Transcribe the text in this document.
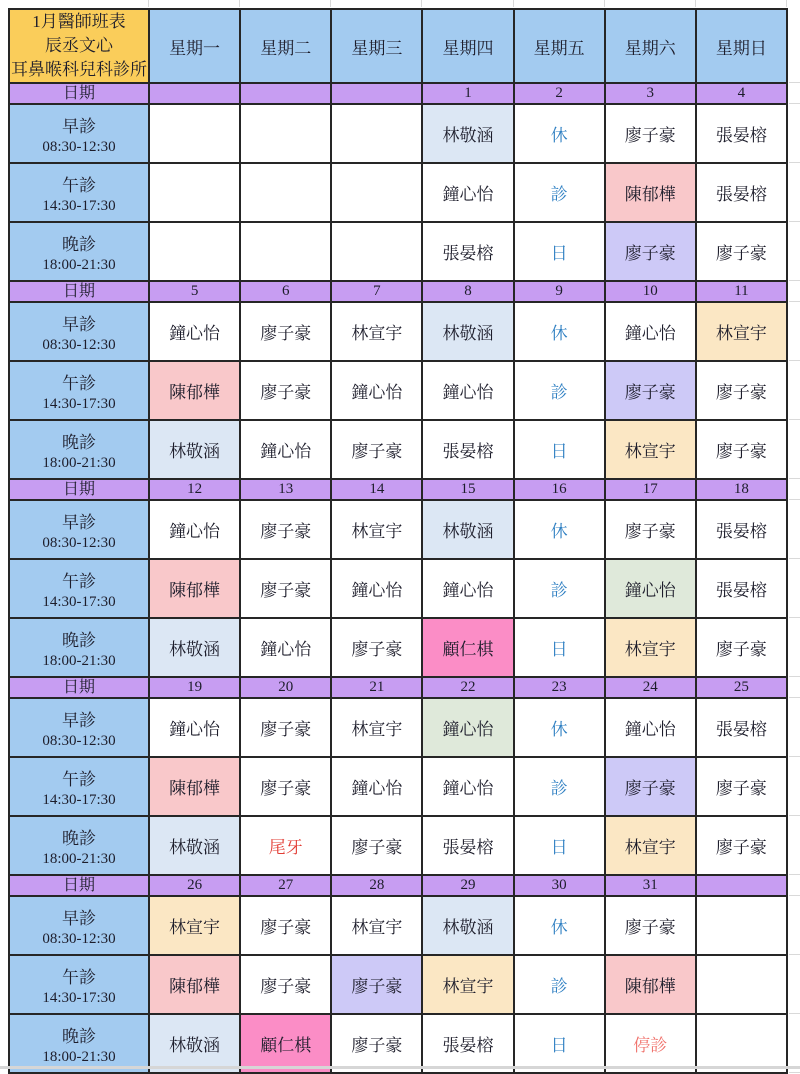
1月醫師班表
辰丞文心
耳鼻喉科兒科診所	星期一	星期二	星期三	星期四	星期五	星期六	星期日
日期				1	2	3	4

早診
08:30-12:30				林敬涵	休	廖子豪	張晏榕

午診
14:30-17:30				鐘心怡	診	陳郁樺	張晏榕

晚診
18:00-21:30				張晏榕	日	廖子豪	廖子豪
日期	5	6	7	8	9	10	11

早診
08:30-12:30	鐘心怡	廖子豪	林宣宇	林敬涵	休	鐘心怡	林宣宇

午診
14:30-17:30	陳郁樺	廖子豪	鐘心怡	鐘心怡	診	廖子豪	廖子豪

晚診
18:00-21:30	林敬涵	鐘心怡	廖子豪	張晏榕	日	林宣宇	廖子豪
日期	12	13	14	15	16	17	18

早診
08:30-12:30	鐘心怡	廖子豪	林宣宇	林敬涵	休	廖子豪	張晏榕

午診
14:30-17:30	陳郁樺	廖子豪	鐘心怡	鐘心怡	診	鐘心怡	張晏榕

晚診
18:00-21:30	林敬涵	鐘心怡	廖子豪	顧仁棋	日	林宣宇	廖子豪
日期	19	20	21	22	23	24	25

早診
08:30-12:30	鐘心怡	廖子豪	林宣宇	鐘心怡	休	鐘心怡	張晏榕

午診
14:30-17:30	陳郁樺	廖子豪	鐘心怡	鐘心怡	診	廖子豪	廖子豪

晚診
18:00-21:30	林敬涵	尾牙	廖子豪	張晏榕	日	林宣宇	廖子豪
日期	26	27	28	29	30	31	

早診
08:30-12:30	林宣宇	廖子豪	林宣宇	林敬涵	休	廖子豪	

午診
14:30-17:30	陳郁樺	廖子豪	廖子豪	林宣宇	診	陳郁樺	

晚診
18:00-21:30	林敬涵	顧仁棋	廖子豪	張晏榕	日	停診	
